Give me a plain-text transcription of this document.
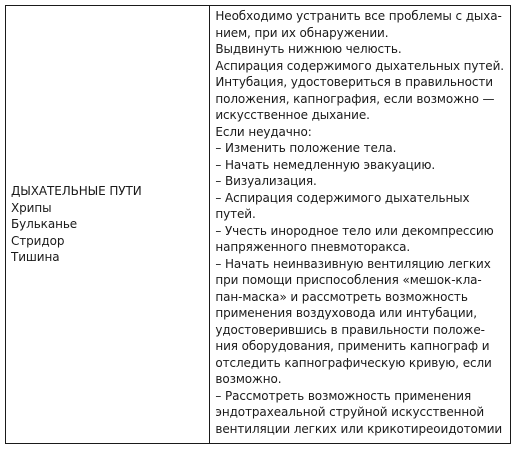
ДЫХАТЕЛЬНЫЕ ПУТИ
Хрипы
Бульканье
Стридор
Тишина
Необходимо устранить все проблемы с дыха-
нием, при их обнаружении.
Выдвинуть нижнюю челюсть.
Аспирация содержимого дыхательных путей.
Интубация, удостовериться в правильности
положения, капнография, если возможно —
искусственное дыхание.
Если неудачно:
– Изменить положение тела.
– Начать немедленную эвакуацию.
– Визуализация.
– Аспирация содержимого дыхательных
путей.
– Учесть инородное тело или декомпрессию
напряженного пневмоторакса.
– Начать неинвазивную вентиляцию легких
при помощи приспособления «мешок-кла-
пан-маска» и рассмотреть возможность
применения воздуховода или интубации,
удостоверившись в правильности положе-
ния оборудования, применить капнограф и
отследить капнографическую кривую, если
возможно.
– Рассмотреть возможность применения
эндотрахеальной струйной искусственной
вентиляции легких или крикотиреоидотомии
